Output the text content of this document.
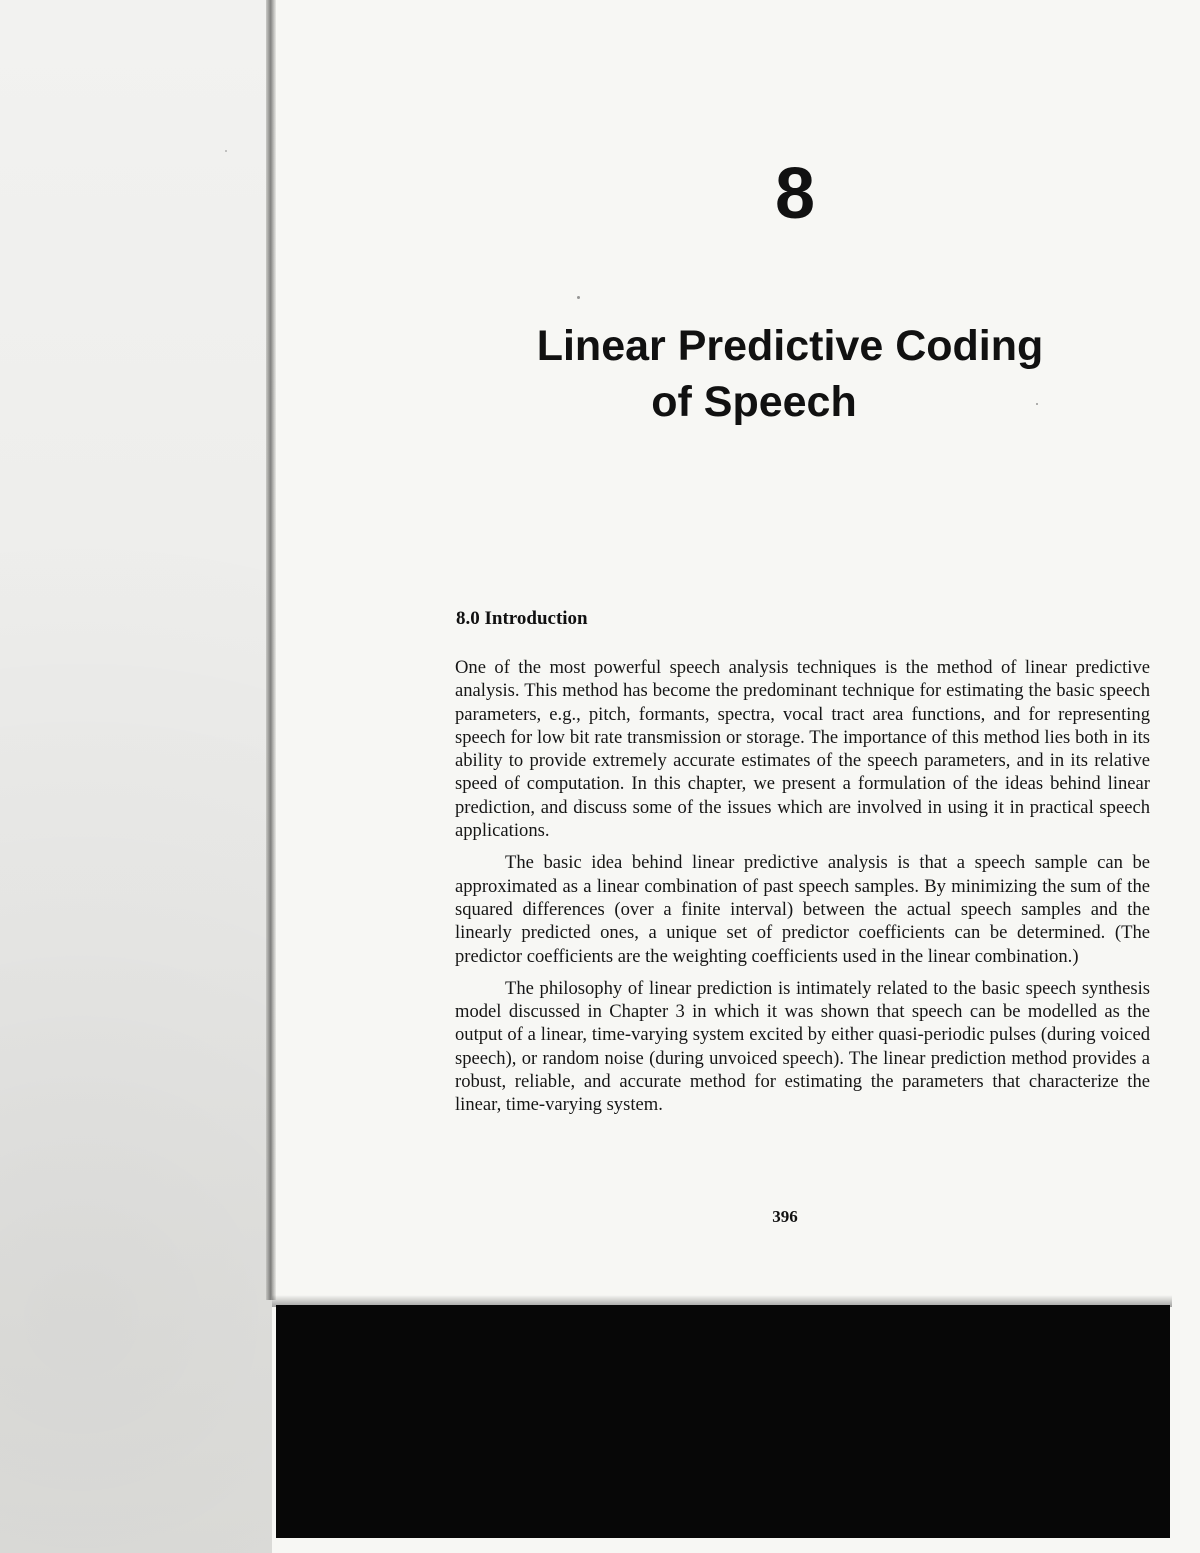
8
Linear Predictive Coding
of Speech
8.0 Introduction

One of the most powerful speech analysis techniques is the method of linear predictive analysis. This method has become the predominant technique for estimating the basic speech parameters, e.g., pitch, formants, spectra, vocal tract area functions, and for representing speech for low bit rate transmission or storage. The importance of this method lies both in its ability to provide extremely accurate estimates of the speech parameters, and in its relative speed of computation. In this chapter, we present a formulation of the ideas behind linear prediction, and discuss some of the issues which are involved in using it in practical speech applications.

The basic idea behind linear predictive analysis is that a speech sample can be approximated as a linear combination of past speech samples. By minimizing the sum of the squared differences (over a finite interval) between the actual speech samples and the linearly predicted ones, a unique set of predictor coefficients can be determined. (The predictor coefficients are the weighting coefficients used in the linear combination.)

The philosophy of linear prediction is intimately related to the basic speech synthesis model discussed in Chapter 3 in which it was shown that speech can be modelled as the output of a linear, time-varying system excited by either quasi-periodic pulses (during voiced speech), or random noise (during unvoiced speech). The linear prediction method provides a robust, reliable, and accurate method for estimating the parameters that characterize the linear, time-varying system.

396
